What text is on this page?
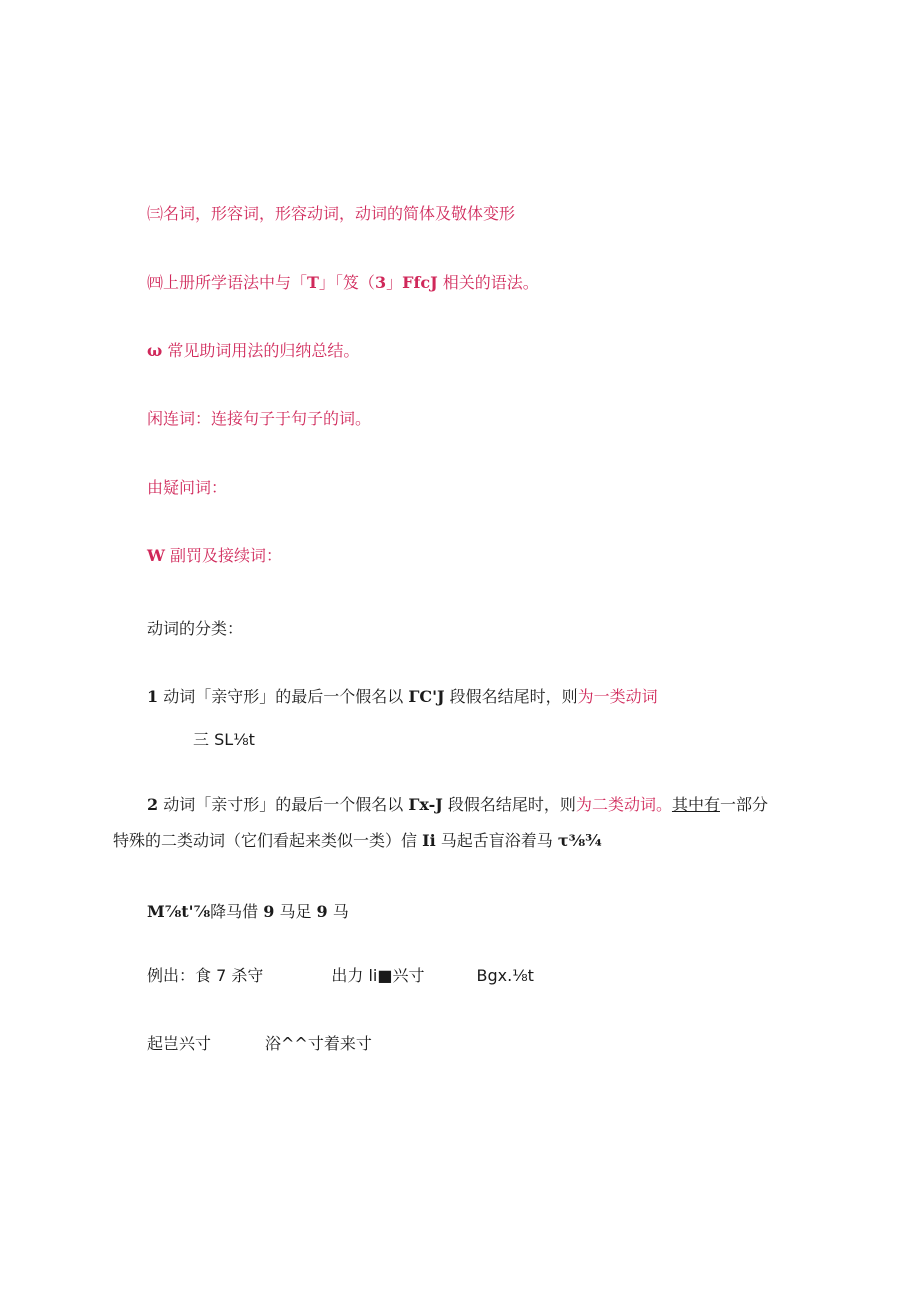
㈢名词，形容词，形容动词，动词的简体及敬体变形
㈣上册所学语法中与「T」「笈（3」FfcJ 相关的语法。
ω 常见助词用法的归纳总结。
闲连词：连接句子于句子的词。
由疑问词：
W 副罚及接续词：
动词的分类：
1 动词「亲守形」的最后一个假名以 ГC'J 段假名结尾时，则为一类动词
三 SL⅛t
2 动词「亲寸形」的最后一个假名以 Гx-J 段假名结尾时，则为二类动词。其中有一部分
特殊的二类动词（它们看起来类似一类）信 Ii 马起舌盲浴着马 τ⅜¾
M⅞t'⅞降马借 9 马足 9 马
例出：食 7 杀守	出力 li■兴寸	Bgx.⅛t
起岂兴寸	浴^^寸着来寸
